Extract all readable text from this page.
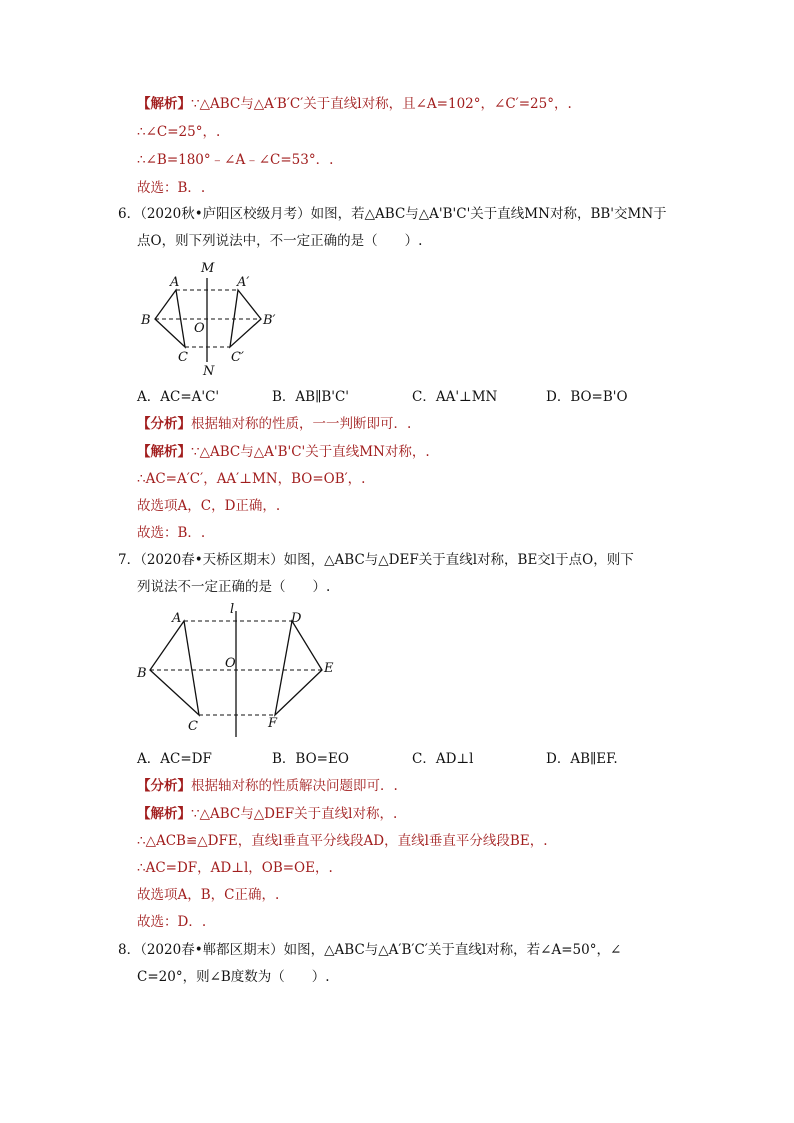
【解析】∵△ABC与△A′B′C′关于直线l对称，且∠A=102°，∠C′=25°，.
∴∠C=25°，.
∴∠B=180°﹣∠A﹣∠C=53°．.
故选：B．.
6．（2020秋•庐阳区校级月考）如图，若△ABC与△A'B'C'关于直线MN对称，BB'交MN于
点O，则下列说法中，不一定正确的是（　　）.
A	A′
M
B
O
B′
C	C′
N
A．AC=A'C'	B．AB∥B'C'	C．AA'⊥MN	D．BO=B'O
【分析】根据轴对称的性质，一一判断即可．.
【解析】∵△ABC与△A'B'C'关于直线MN对称，.
∴AC=A′C′，AA′⊥MN，BO=OB′，.
故选项A，C，D正确，.
故选：B．.
7．（2020春•天桥区期末）如图，△ABC与△DEF关于直线l对称，BE交l于点O，则下
列说法不一定正确的是（　　）.
A
l
D
B
O	E
C	F
A．AC=DF	B．BO=EO	C．AD⊥l	D．AB∥EF.
【分析】根据轴对称的性质解决问题即可．.
【解析】∵△ABC与△DEF关于直线l对称，.
∴△ACB≌△DFE，直线l垂直平分线段AD，直线l垂直平分线段BE，.
∴AC=DF，AD⊥l，OB=OE，.
故选项A，B，C正确，.
故选：D．.
8．（2020春•郸都区期末）如图，△ABC与△A′B′C′关于直线l对称，若∠A=50°，∠
C=20°，则∠B度数为（　　）.
